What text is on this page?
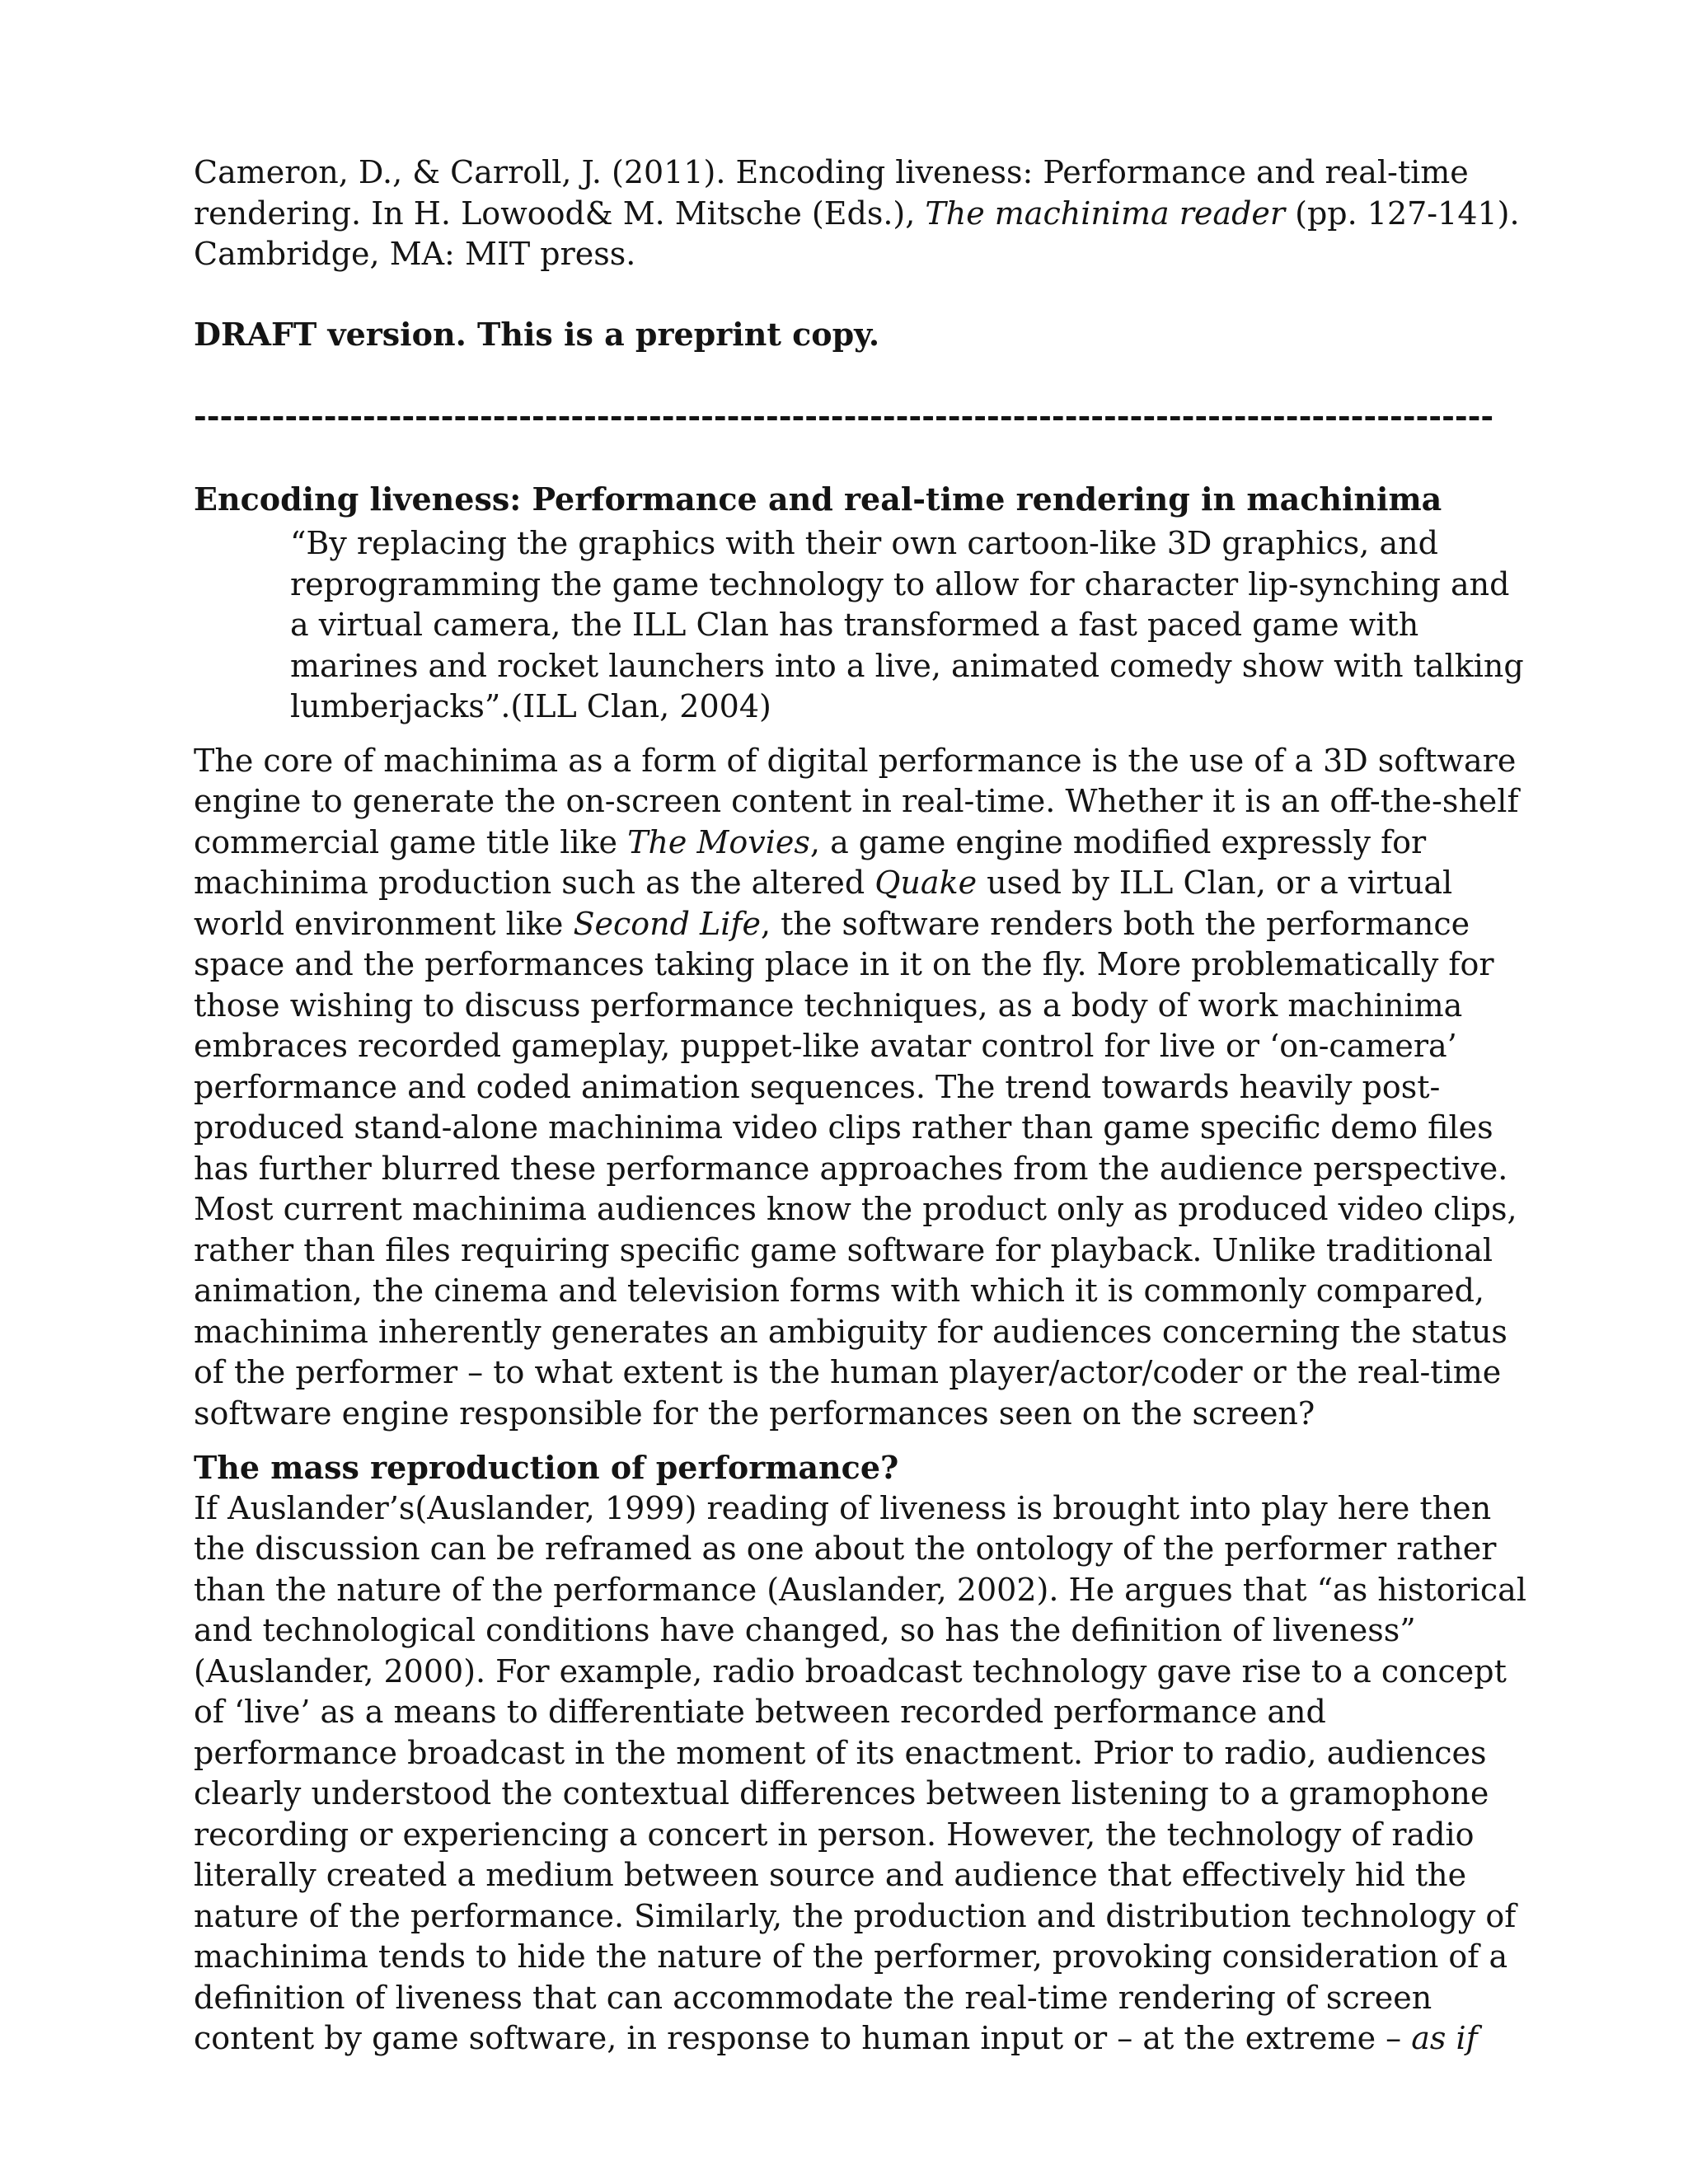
Cameron, D., & Carroll, J. (2011). Encoding liveness: Performance and real-time rendering. In H. Lowood& M. Mitsche (Eds.), The machinima reader (pp. 127-141). Cambridge, MA: MIT press.

DRAFT version. This is a preprint copy.

----------------------------------------------------------------------------------------------------

Encoding liveness: Performance and real-time rendering in machinima

“By replacing the graphics with their own cartoon-like 3D graphics, and reprogramming the game technology to allow for character lip-synching and a virtual camera, the ILL Clan has transformed a fast paced game with marines and rocket launchers into a live, animated comedy show with talking lumberjacks”.(ILL Clan, 2004)

The core of machinima as a form of digital performance is the use of a 3D software engine to generate the on-screen content in real-time. Whether it is an off-the-shelf commercial game title like The Movies, a game engine modified expressly for machinima production such as the altered Quake used by ILL Clan, or a virtual world environment like Second Life, the software renders both the performance space and the performances taking place in it on the fly. More problematically for those wishing to discuss performance techniques, as a body of work machinima embraces recorded gameplay, puppet-like avatar control for live or ‘on-camera’ performance and coded animation sequences. The trend towards heavily post-produced stand-alone machinima video clips rather than game specific demo files has further blurred these performance approaches from the audience perspective. Most current machinima audiences know the product only as produced video clips, rather than files requiring specific game software for playback. Unlike traditional animation, the cinema and television forms with which it is commonly compared, machinima inherently generates an ambiguity for audiences concerning the status of the performer – to what extent is the human player/actor/coder or the real-time software engine responsible for the performances seen on the screen?

The mass reproduction of performance?

If Auslander’s(Auslander, 1999) reading of liveness is brought into play here then the discussion can be reframed as one about the ontology of the performer rather than the nature of the performance (Auslander, 2002). He argues that “as historical and technological conditions have changed, so has the definition of liveness” (Auslander, 2000). For example, radio broadcast technology gave rise to a concept of ‘live’ as a means to differentiate between recorded performance and performance broadcast in the moment of its enactment. Prior to radio, audiences clearly understood the contextual differences between listening to a gramophone recording or experiencing a concert in person. However, the technology of radio literally created a medium between source and audience that effectively hid the nature of the performance. Similarly, the production and distribution technology of machinima tends to hide the nature of the performer, provoking consideration of a definition of liveness that can accommodate the real-time rendering of screen content by game software, in response to human input or – at the extreme – as if
